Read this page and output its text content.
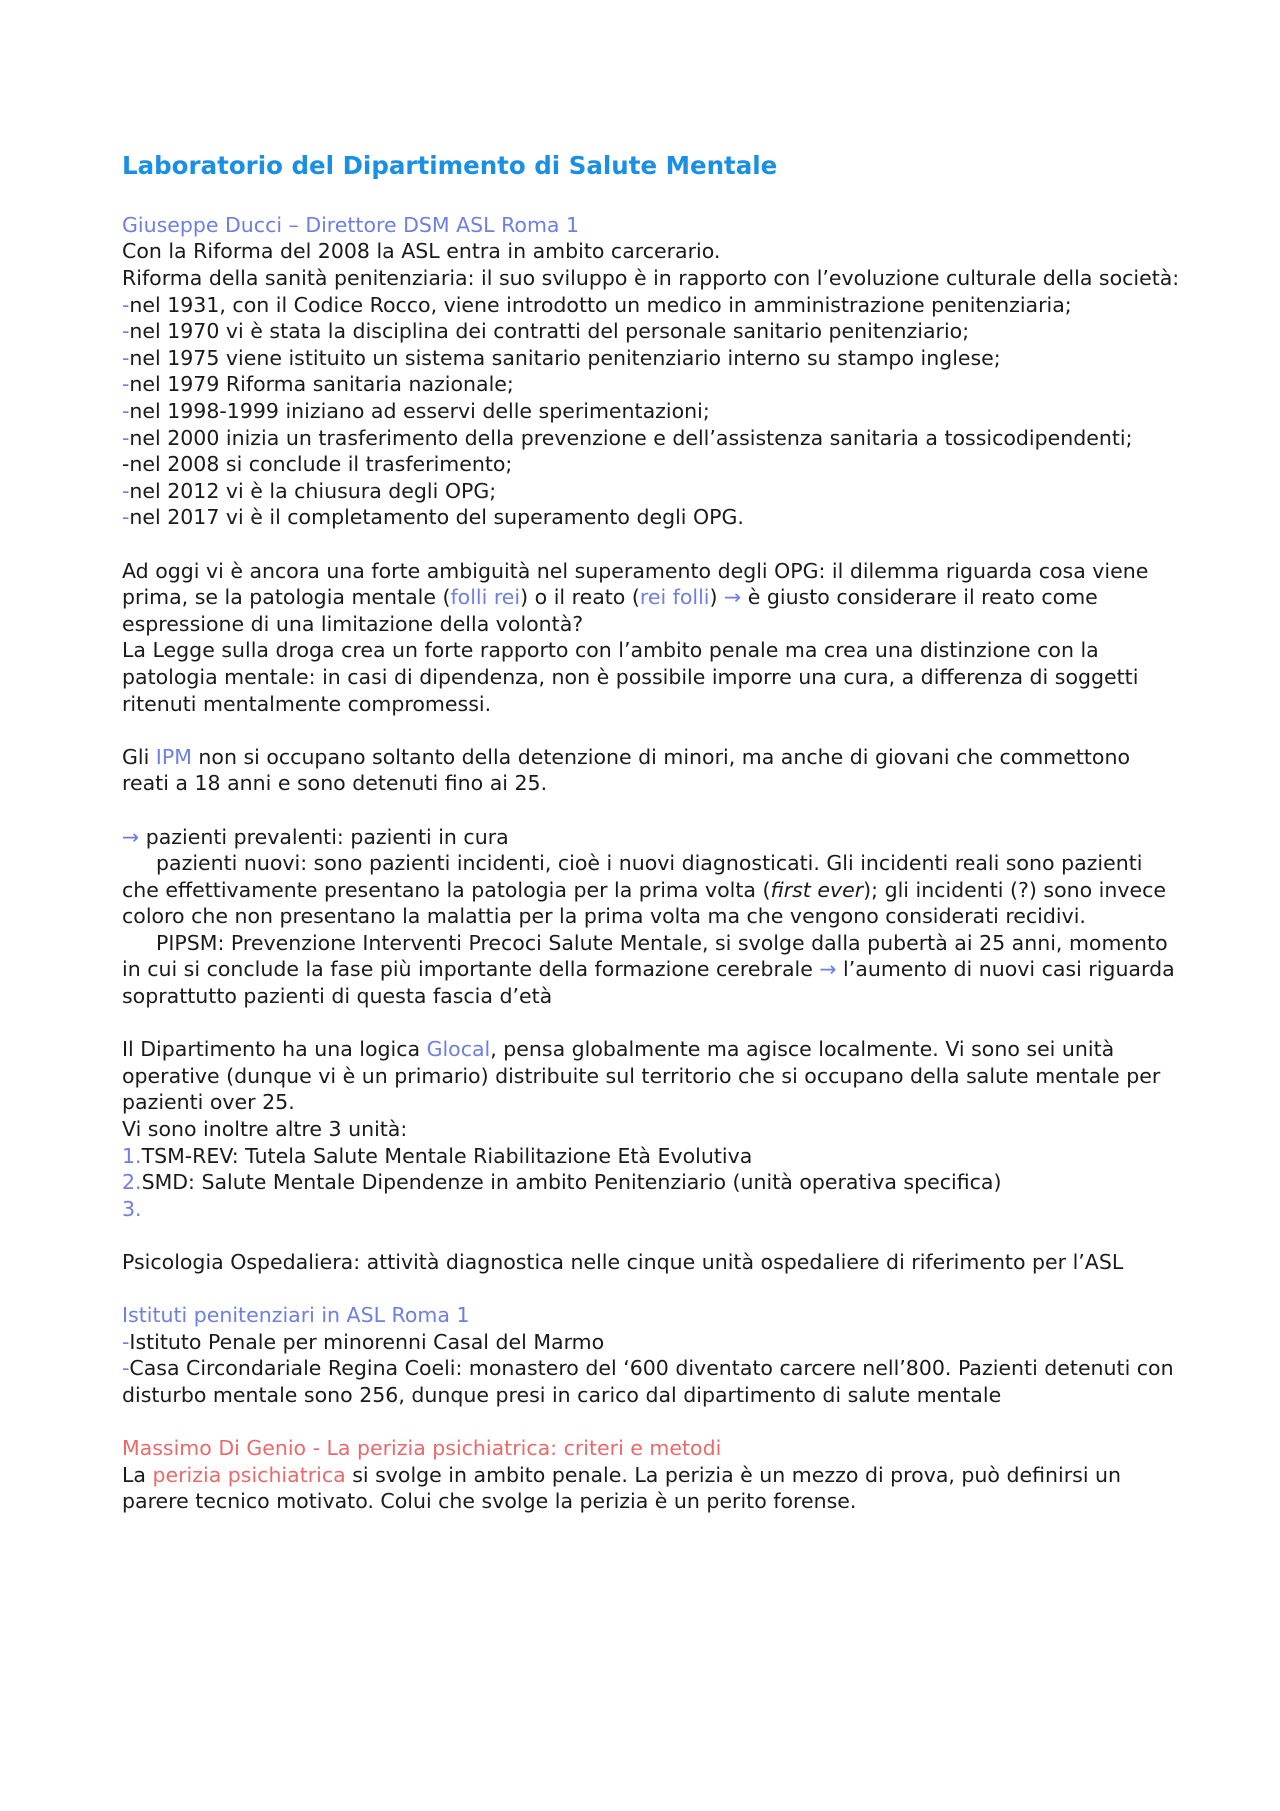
Laboratorio del Dipartimento di Salute Mentale
Giuseppe Ducci – Direttore DSM ASL Roma 1
Con la Riforma del 2008 la ASL entra in ambito carcerario.
Riforma della sanità penitenziaria: il suo sviluppo è in rapporto con l’evoluzione culturale della società:
-nel 1931, con il Codice Rocco, viene introdotto un medico in amministrazione penitenziaria;
-nel 1970 vi è stata la disciplina dei contratti del personale sanitario penitenziario;
-nel 1975 viene istituito un sistema sanitario penitenziario interno su stampo inglese;
-nel 1979 Riforma sanitaria nazionale;
-nel 1998-1999 iniziano ad esservi delle sperimentazioni;
-nel 2000 inizia un trasferimento della prevenzione e dell’assistenza sanitaria a tossicodipendenti;
-nel 2008 si conclude il trasferimento;
-nel 2012 vi è la chiusura degli OPG;
-nel 2017 vi è il completamento del superamento degli OPG.
Ad oggi vi è ancora una forte ambiguità nel superamento degli OPG: il dilemma riguarda cosa viene prima, se la patologia mentale (folli rei) o il reato (rei folli) → è giusto considerare il reato come espressione di una limitazione della volontà?
La Legge sulla droga crea un forte rapporto con l’ambito penale ma crea una distinzione con la patologia mentale: in casi di dipendenza, non è possibile imporre una cura, a differenza di soggetti ritenuti mentalmente compromessi.
Gli IPM non si occupano soltanto della detenzione di minori, ma anche di giovani che commettono reati a 18 anni e sono detenuti fino ai 25.
→ pazienti prevalenti: pazienti in cura
pazienti nuovi: sono pazienti incidenti, cioè i nuovi diagnosticati. Gli incidenti reali sono pazienti che effettivamente presentano la patologia per la prima volta (first ever); gli incidenti (?) sono invece coloro che non presentano la malattia per la prima volta ma che vengono considerati recidivi.
PIPSM: Prevenzione Interventi Precoci Salute Mentale, si svolge dalla pubertà ai 25 anni, momento in cui si conclude la fase più importante della formazione cerebrale → l’aumento di nuovi casi riguarda soprattutto pazienti di questa fascia d’età
Il Dipartimento ha una logica Glocal, pensa globalmente ma agisce localmente. Vi sono sei unità operative (dunque vi è un primario) distribuite sul territorio che si occupano della salute mentale per pazienti over 25.
Vi sono inoltre altre 3 unità:
1.TSM-REV: Tutela Salute Mentale Riabilitazione Età Evolutiva
2.SMD: Salute Mentale Dipendenze in ambito Penitenziario (unità operativa specifica)
3.
Psicologia Ospedaliera: attività diagnostica nelle cinque unità ospedaliere di riferimento per l’ASL
Istituti penitenziari in ASL Roma 1
-Istituto Penale per minorenni Casal del Marmo
-Casa Circondariale Regina Coeli: monastero del ‘600 diventato carcere nell’800. Pazienti detenuti con disturbo mentale sono 256, dunque presi in carico dal dipartimento di salute mentale
Massimo Di Genio - La perizia psichiatrica: criteri e metodi
La perizia psichiatrica si svolge in ambito penale. La perizia è un mezzo di prova, può definirsi un parere tecnico motivato. Colui che svolge la perizia è un perito forense.
